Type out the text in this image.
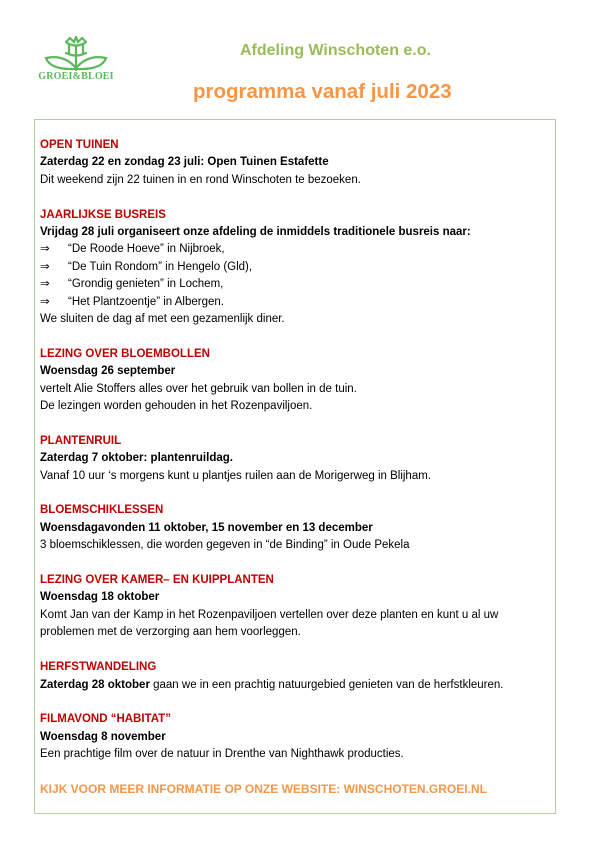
GROEI&BLOEI
Afdeling Winschoten e.o.
programma vanaf juli 2023
OPEN TUINEN
Zaterdag 22 en zondag 23 juli: Open Tuinen Estafette
Dit weekend zijn 22 tuinen in en rond Winschoten te bezoeken.
JAARLIJKSE BUSREIS
Vrijdag 28 juli organiseert onze afdeling de inmiddels traditionele busreis naar:
⇒	“De Roode Hoeve” in Nijbroek,
⇒	“De Tuin Rondom” in Hengelo (Gld),
⇒	“Grondig genieten” in Lochem,
⇒	“Het Plantzoentje” in Albergen.
We sluiten de dag af met een gezamenlijk diner.
LEZING OVER BLOEMBOLLEN
Woensdag 26 september
vertelt Alie Stoffers alles over het gebruik van bollen in de tuin.
De lezingen worden gehouden in het Rozenpaviljoen.
PLANTENRUIL
Zaterdag 7 oktober: plantenruildag.
Vanaf 10 uur ‘s morgens kunt u plantjes ruilen aan de Morigerweg in Blijham.
BLOEMSCHIKLESSEN
Woensdagavonden 11 oktober, 15 november en 13 december
3 bloemschiklessen, die worden gegeven in “de Binding” in Oude Pekela
LEZING OVER KAMER– EN KUIPPLANTEN
Woensdag 18 oktober
Komt Jan van der Kamp in het Rozenpaviljoen vertellen over deze planten en kunt u al uw
problemen met de verzorging aan hem voorleggen.
HERFSTWANDELING
Zaterdag 28 oktober gaan we in een prachtig natuurgebied genieten van de herfstkleuren.
FILMAVOND “HABITAT”
Woensdag 8 november
Een prachtige film over de natuur in Drenthe van Nighthawk producties.
KIJK VOOR MEER INFORMATIE OP ONZE WEBSITE: WINSCHOTEN.GROEI.NL
